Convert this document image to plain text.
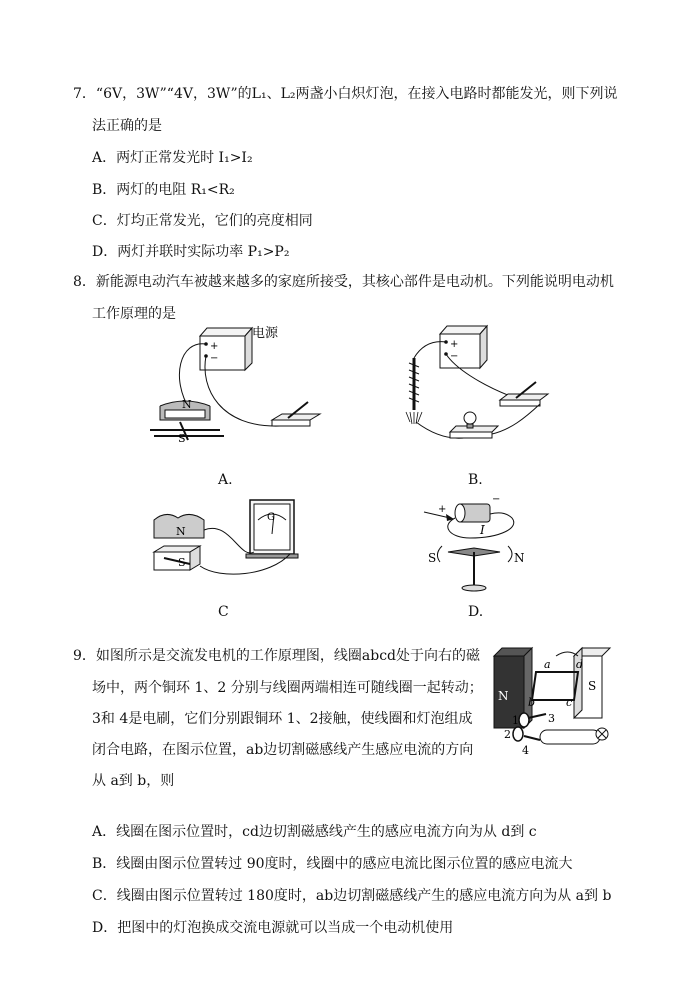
7．“6V，3W”“4V，3W”的L₁、L₂两盏小白炽灯泡，在接入电路时都能发光，则下列说
法正确的是
A．两灯正常发光时 I₁>I₂
B．两灯的电阻 R₁<R₂
C．灯均正常发光，它们的亮度相同
D．两灯并联时实际功率 P₁>P₂
8．新能源电动汽车被越来越多的家庭所接受，其核心部件是电动机。下列能说明电动机
工作原理的是
+
−
电源
N
S
A.
+
−
B.
N
S
G
C
+
−
I
S	N
D.
9．如图所示是交流发电机的工作原理图，线圈abcd处于向右的磁
场中，两个铜环 1、2 分别与线圈两端相连可随线圈一起转动；
3和 4是电刷，它们分别跟铜环 1、2接触，使线圈和灯泡组成
闭合电路，在图示位置，ab边切割磁感线产生感应电流的方向
从 a到 b，则
N
S
a
b	c
d
1
2
3
4
A．线圈在图示位置时，cd边切割磁感线产生的感应电流方向为从 d到 c
B．线圈由图示位置转过 90度时，线圈中的感应电流比图示位置的感应电流大
C．线圈由图示位置转过 180度时，ab边切割磁感线产生的感应电流方向为从 a到 b
D．把图中的灯泡换成交流电源就可以当成一个电动机使用
